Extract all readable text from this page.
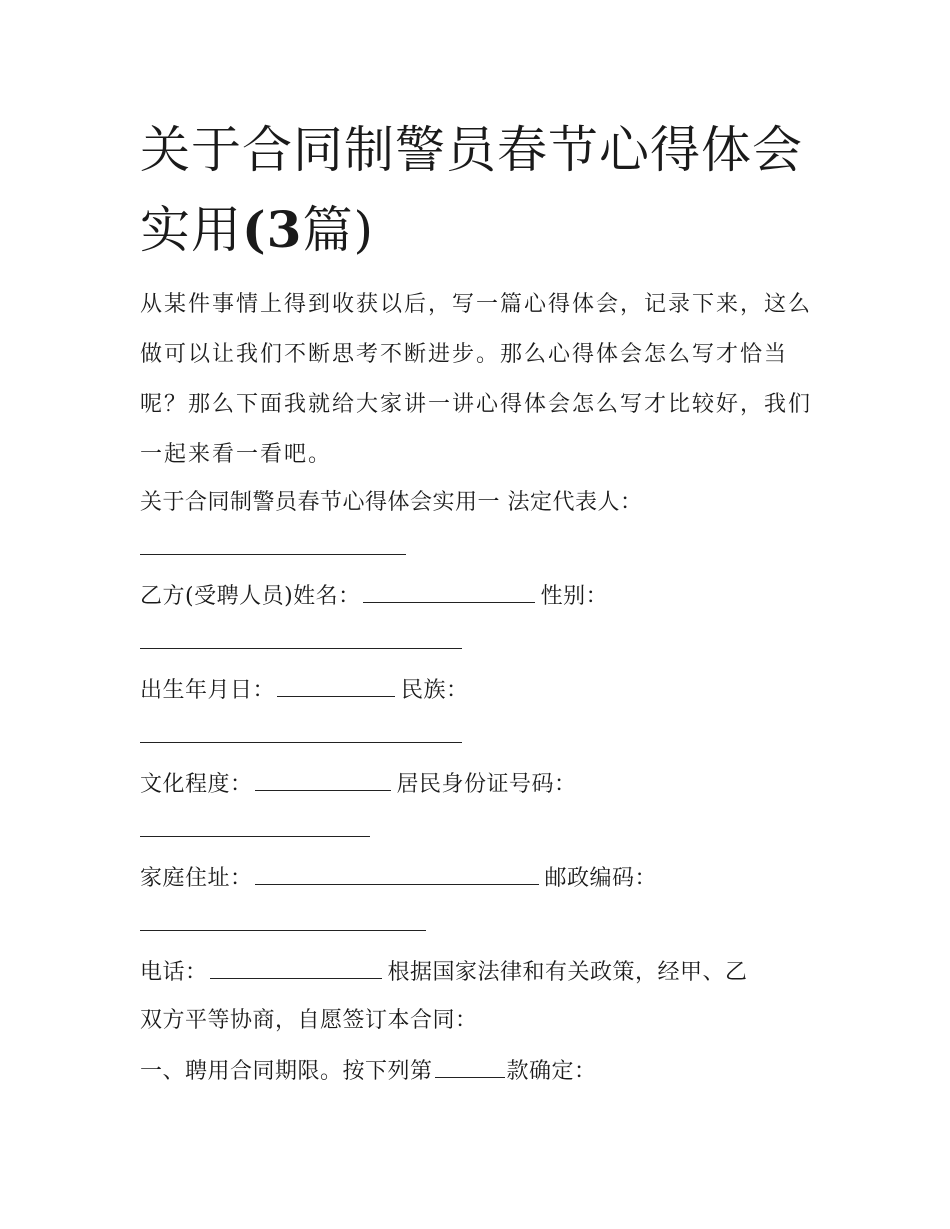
关于合同制警员春节心得体会
实用(3篇)

从某件事情上得到收获以后，写一篇心得体会，记录下来，这么做可以让我们不断思考不断进步。那么心得体会怎么写才恰当呢？那么下面我就给大家讲一讲心得体会怎么写才比较好，我们一起来看一看吧。

关于合同制警员春节心得体会实用一 法定代表人：
乙方(受聘人员)姓名：	性别：
出生年月日：	民族：
文化程度：	居民身份证号码：
家庭住址：	邮政编码：
电话：	根据国家法律和有关政策，经甲、乙
双方平等协商，自愿签订本合同：
一、聘用合同期限。按下列第	款确定：
